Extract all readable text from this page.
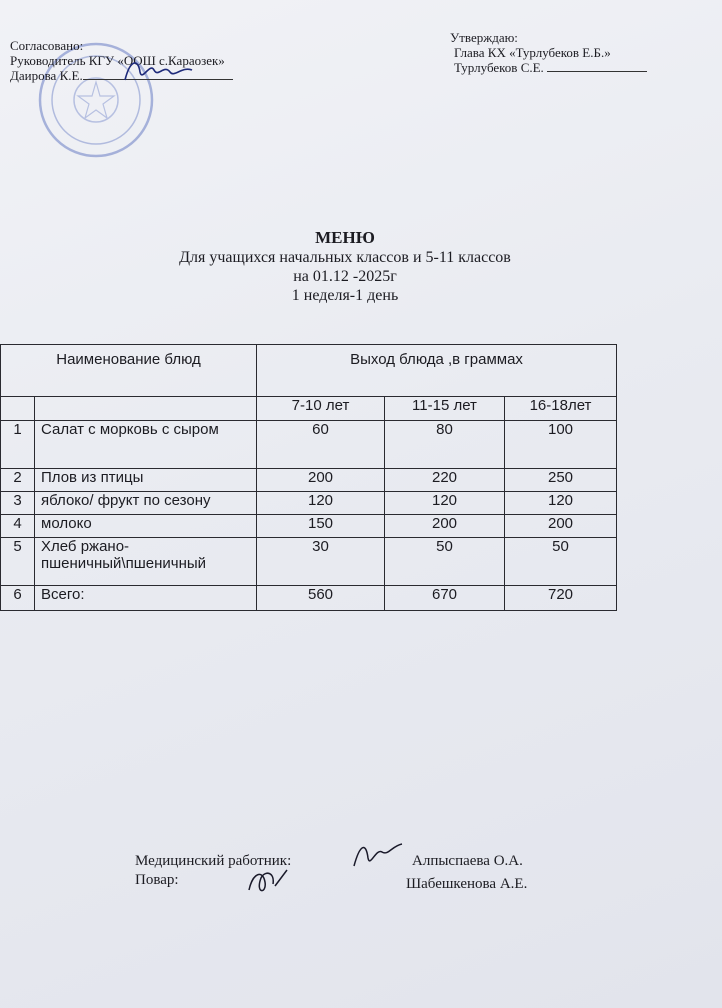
Согласовано:
Руководитель КГУ «ООШ с.Караозек»
Даирова К.Е.
Утверждаю:
Глава КХ «Турлубеков Е.Б.»
Турлубеков С.Е.
МЕНЮ
Для учащихся начальных классов и 5-11 классов
на 01.12 -2025г
1 неделя-1 день
Наименование блюд		Выход блюда ,в граммах		
		7-10 лет	11-15 лет	16-18лет
1	Салат с морковь с сыром	60	80	100
2	Плов из птицы	200	220	250
3	яблоко/ фрукт по сезону	120	120	120
4	молоко	150	200	200
5	Хлеб ржано-пшеничный\пшеничный	30	50	50
6	Всего:	560	670	720
Медицинский работник:	Алпыспаева О.А.
Повар:	Шабешкенова А.Е.
